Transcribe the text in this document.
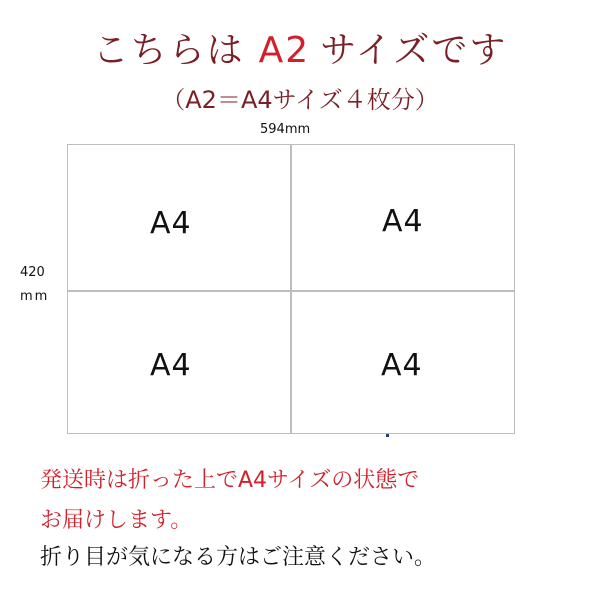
こちらは A2 サイズです
（A2＝A4サイズ４枚分）
594mm
420
mm
A4	A4
A4	A4
発送時は折った上でA4サイズの状態で
お届けします。
折り目が気になる方はご注意ください。
